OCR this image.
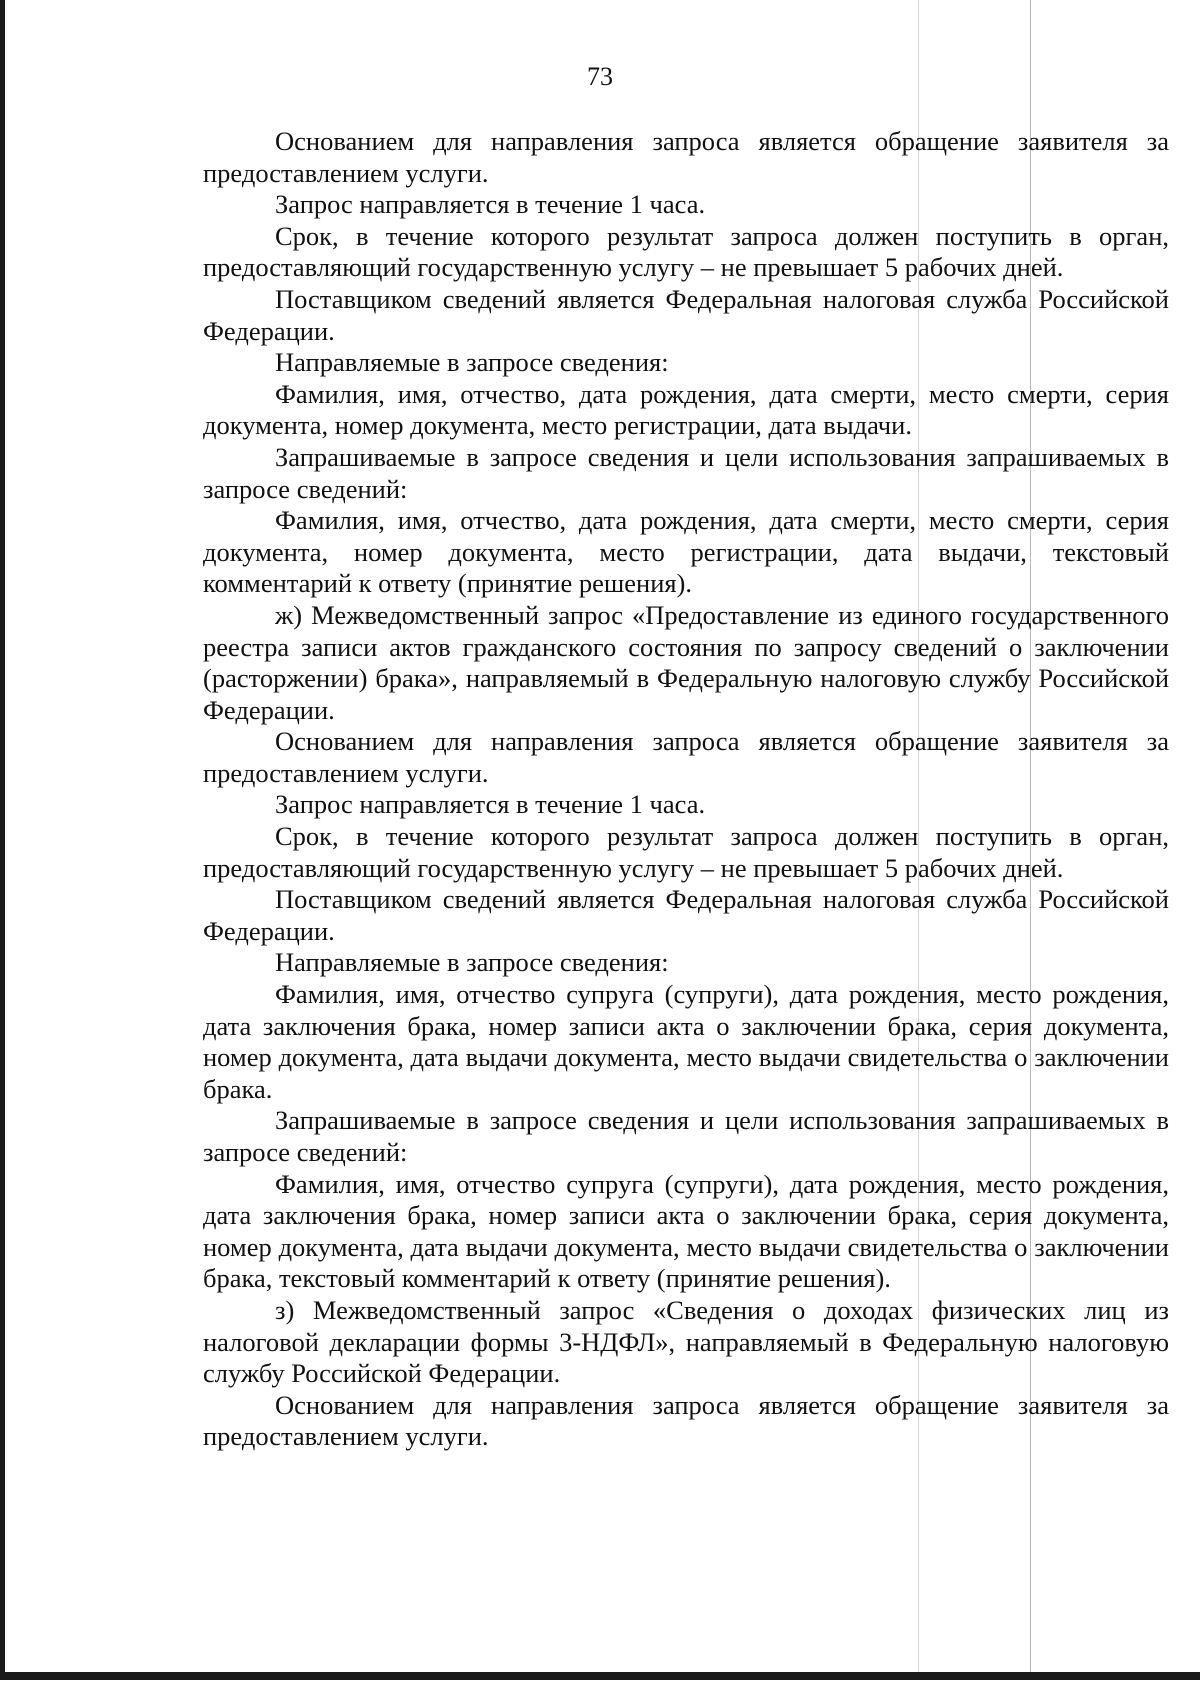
73

Основанием для направления запроса является обращение заявителя за предоставлением услуги.

Запрос направляется в течение 1 часа.

Срок, в течение которого результат запроса должен поступить в орган, предоставляющий государственную услугу – не превышает 5 рабочих дней.

Поставщиком сведений является Федеральная налоговая служба Российской Федерации.

Направляемые в запросе сведения:

Фамилия, имя, отчество, дата рождения, дата смерти, место смерти, серия документа, номер документа, место регистрации, дата выдачи.

Запрашиваемые в запросе сведения и цели использования запрашиваемых в запросе сведений:

Фамилия, имя, отчество, дата рождения, дата смерти, место смерти, серия документа, номер документа, место регистрации, дата выдачи, текстовый комментарий к ответу (принятие решения).

ж) Межведомственный запрос «Предоставление из единого государственного реестра записи актов гражданского состояния по запросу сведений о заключении (расторжении) брака», направляемый в Федеральную налоговую службу Российской Федерации.

Основанием для направления запроса является обращение заявителя за предоставлением услуги.

Запрос направляется в течение 1 часа.

Срок, в течение которого результат запроса должен поступить в орган, предоставляющий государственную услугу – не превышает 5 рабочих дней.

Поставщиком сведений является Федеральная налоговая служба Российской Федерации.

Направляемые в запросе сведения:

Фамилия, имя, отчество супруга (супруги), дата рождения, место рождения, дата заключения брака, номер записи акта о заключении брака, серия документа, номер документа, дата выдачи документа, место выдачи свидетельства о заключении брака.

Запрашиваемые в запросе сведения и цели использования запрашиваемых в запросе сведений:

Фамилия, имя, отчество супруга (супруги), дата рождения, место рождения, дата заключения брака, номер записи акта о заключении брака, серия документа, номер документа, дата выдачи документа, место выдачи свидетельства о заключении брака, текстовый комментарий к ответу (принятие решения).

з) Межведомственный запрос «Сведения о доходах физических лиц из налоговой декларации формы 3-НДФЛ», направляемый в Федеральную налоговую службу Российской Федерации.

Основанием для направления запроса является обращение заявителя за предоставлением услуги.
